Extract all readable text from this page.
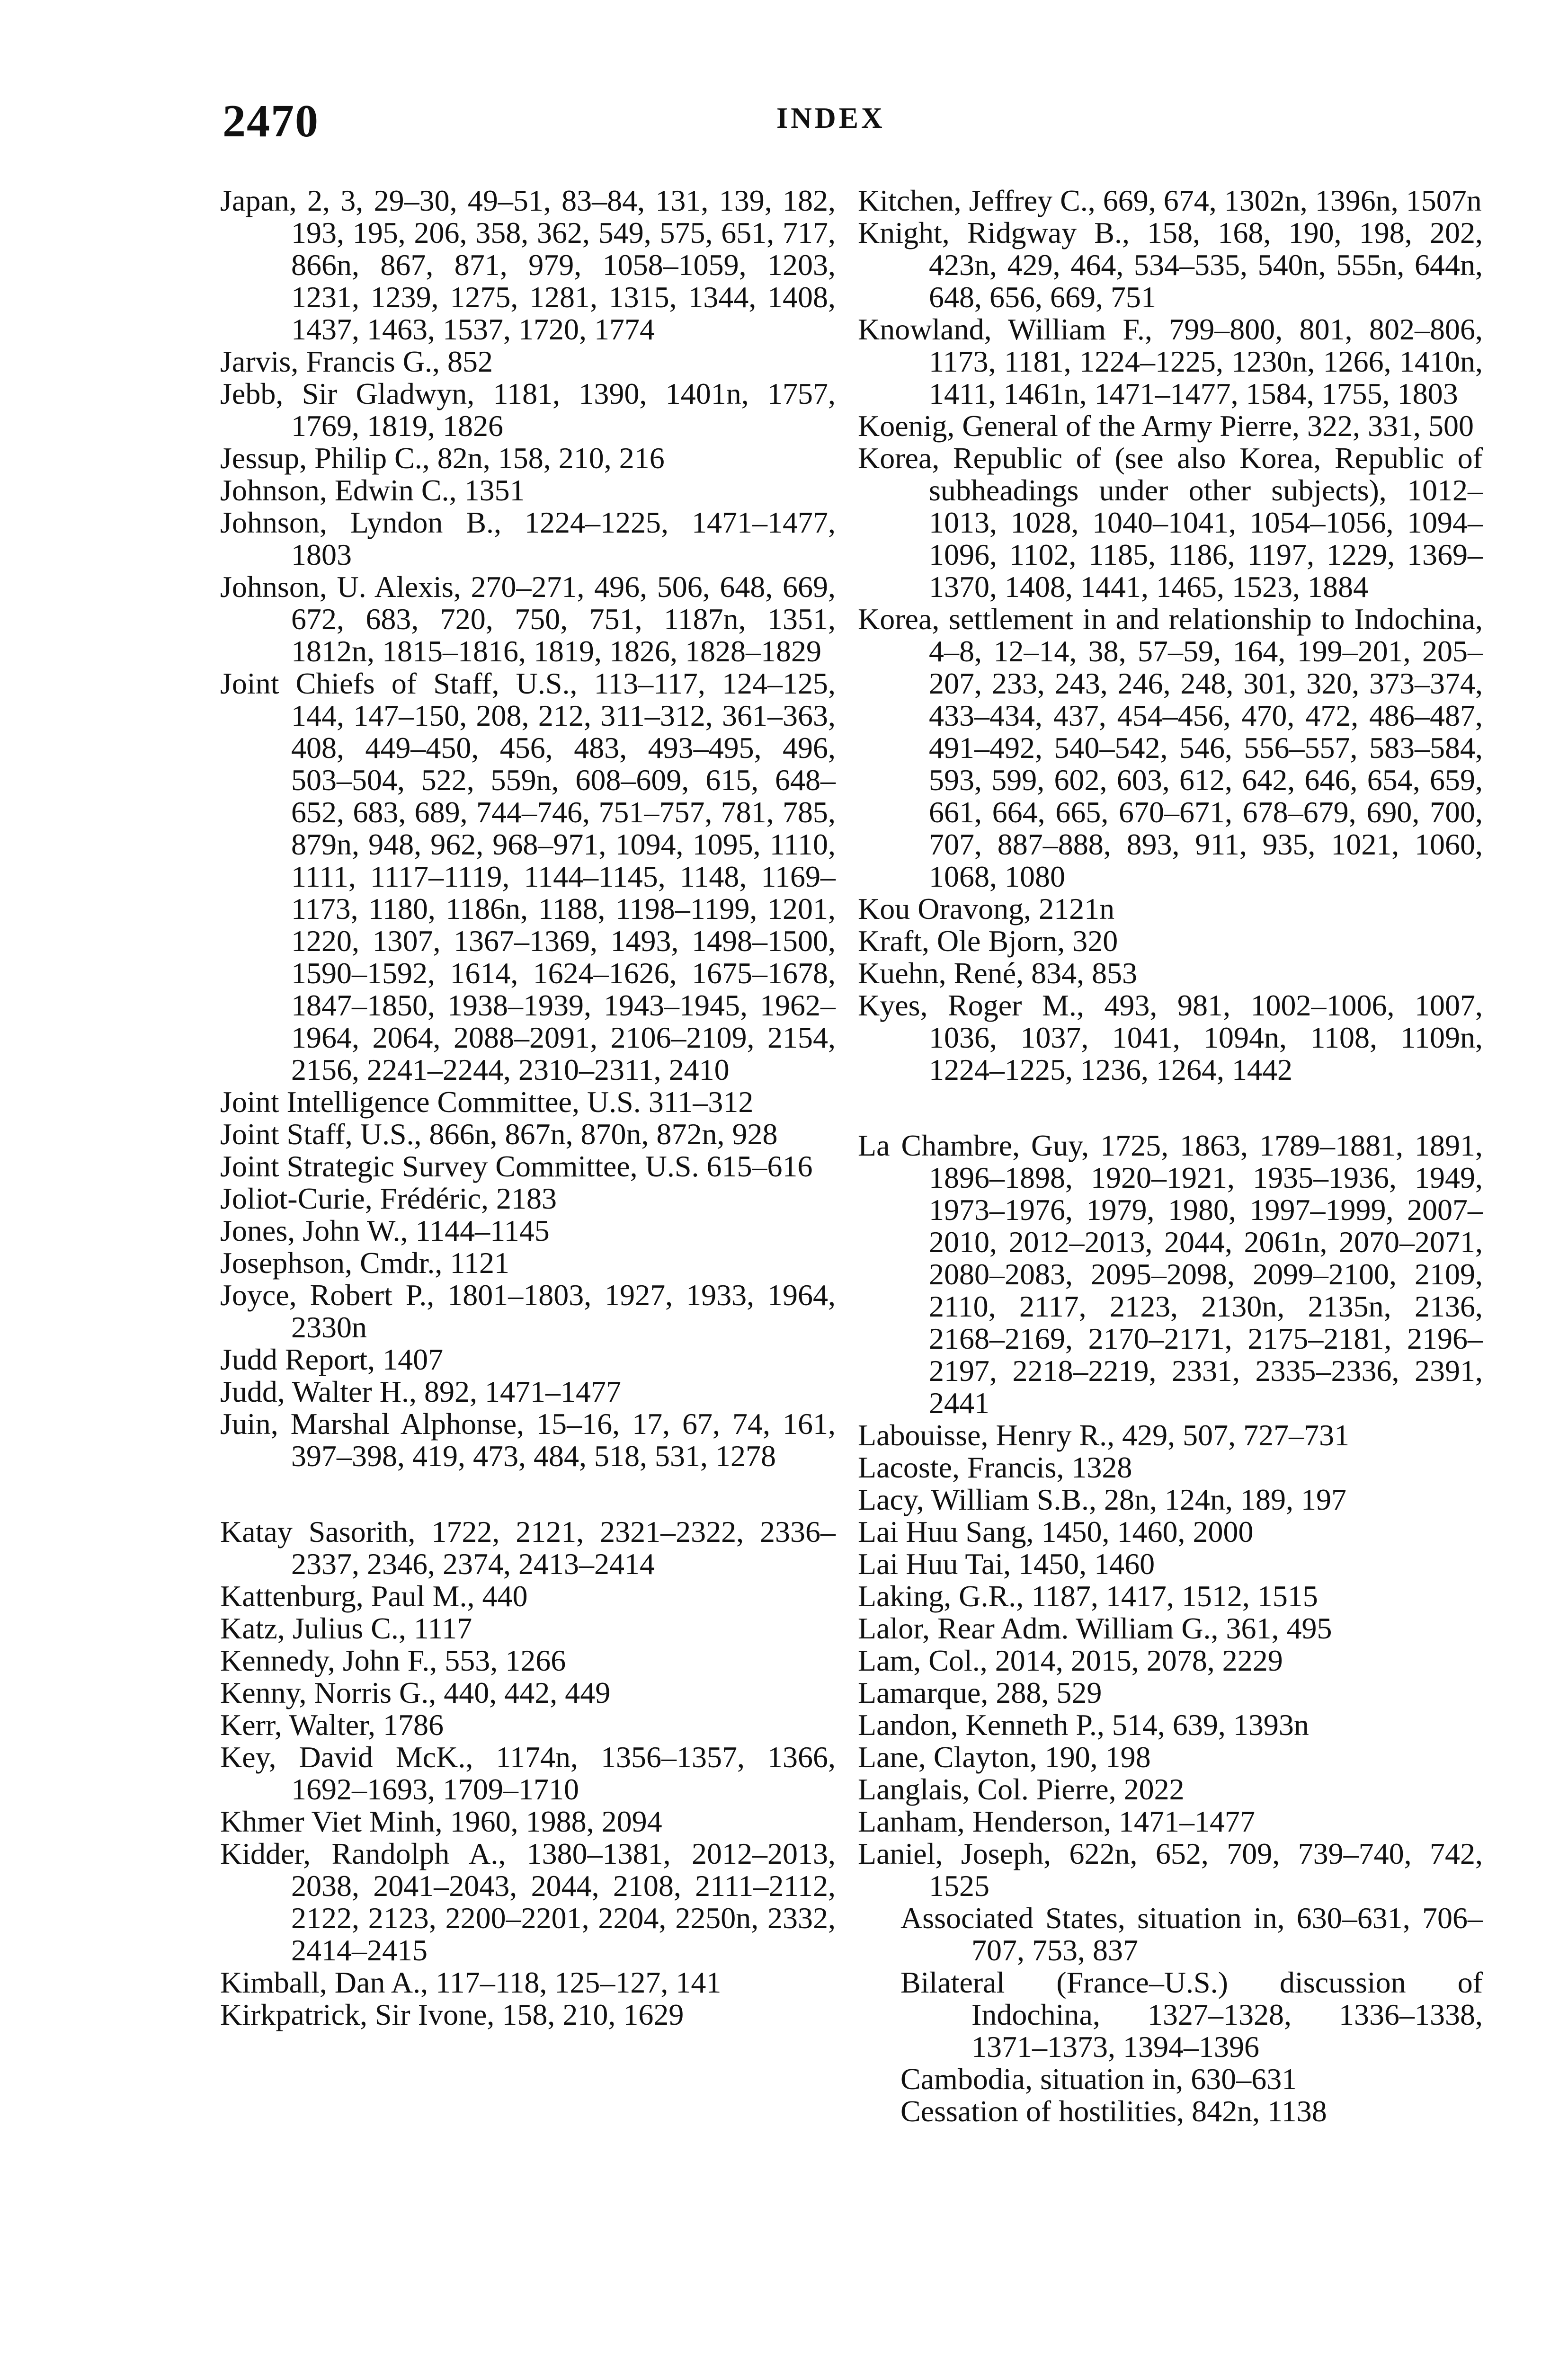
2470	INDEX

Japan, 2, 3, 29–30, 49–51, 83–84, 131, 139, 182, 193, 195, 206, 358, 362, 549, 575, 651, 717, 866n, 867, 871, 979, 1058–1059, 1203, 1231, 1239, 1275, 1281, 1315, 1344, 1408, 1437, 1463, 1537, 1720, 1774

Jarvis, Francis G., 852

Jebb, Sir Gladwyn, 1181, 1390, 1401n, 1757, 1769, 1819, 1826

Jessup, Philip C., 82n, 158, 210, 216

Johnson, Edwin C., 1351

Johnson, Lyndon B., 1224–1225, 1471–1477, 1803

Johnson, U. Alexis, 270–271, 496, 506, 648, 669, 672, 683, 720, 750, 751, 1187n, 1351, 1812n, 1815–1816, 1819, 1826, 1828–1829

Joint Chiefs of Staff, U.S., 113–117, 124–125, 144, 147–150, 208, 212, 311–312, 361–363, 408, 449–450, 456, 483, 493–495, 496, 503–504, 522, 559n, 608–609, 615, 648–652, 683, 689, 744–746, 751–757, 781, 785, 879n, 948, 962, 968–971, 1094, 1095, 1110, 1111, 1117–1119, 1144–1145, 1148, 1169–1173, 1180, 1186n, 1188, 1198–1199, 1201, 1220, 1307, 1367–1369, 1493, 1498–1500, 1590–1592, 1614, 1624–1626, 1675–1678, 1847–1850, 1938–1939, 1943–1945, 1962–1964, 2064, 2088–2091, 2106–2109, 2154, 2156, 2241–2244, 2310–2311, 2410

Joint Intelligence Committee, U.S. 311–312

Joint Staff, U.S., 866n, 867n, 870n, 872n, 928

Joint Strategic Survey Committee, U.S. 615–616

Joliot-Curie, Frédéric, 2183

Jones, John W., 1144–1145

Josephson, Cmdr., 1121

Joyce, Robert P., 1801–1803, 1927, 1933, 1964, 2330n

Judd Report, 1407

Judd, Walter H., 892, 1471–1477

Juin, Marshal Alphonse, 15–16, 17, 67, 74, 161, 397–398, 419, 473, 484, 518, 531, 1278

Katay Sasorith, 1722, 2121, 2321–2322, 2336–2337, 2346, 2374, 2413–2414

Kattenburg, Paul M., 440

Katz, Julius C., 1117

Kennedy, John F., 553, 1266

Kenny, Norris G., 440, 442, 449

Kerr, Walter, 1786

Key, David McK., 1174n, 1356–1357, 1366, 1692–1693, 1709–1710

Khmer Viet Minh, 1960, 1988, 2094

Kidder, Randolph A., 1380–1381, 2012–2013, 2038, 2041–2043, 2044, 2108, 2111–2112, 2122, 2123, 2200–2201, 2204, 2250n, 2332, 2414–2415

Kimball, Dan A., 117–118, 125–127, 141

Kirkpatrick, Sir Ivone, 158, 210, 1629

Kitchen, Jeffrey C., 669, 674, 1302n, 1396n, 1507n

Knight, Ridgway B., 158, 168, 190, 198, 202, 423n, 429, 464, 534–535, 540n, 555n, 644n, 648, 656, 669, 751

Knowland, William F., 799–800, 801, 802–806, 1173, 1181, 1224–1225, 1230n, 1266, 1410n, 1411, 1461n, 1471–1477, 1584, 1755, 1803

Koenig, General of the Army Pierre, 322, 331, 500

Korea, Republic of (see also Korea, Republic of subheadings under other subjects), 1012–1013, 1028, 1040–1041, 1054–1056, 1094–1096, 1102, 1185, 1186, 1197, 1229, 1369–1370, 1408, 1441, 1465, 1523, 1884

Korea, settlement in and relationship to Indochina, 4–8, 12–14, 38, 57–59, 164, 199–201, 205–207, 233, 243, 246, 248, 301, 320, 373–374, 433–434, 437, 454–456, 470, 472, 486–487, 491–492, 540–542, 546, 556–557, 583–584, 593, 599, 602, 603, 612, 642, 646, 654, 659, 661, 664, 665, 670–671, 678–679, 690, 700, 707, 887–888, 893, 911, 935, 1021, 1060, 1068, 1080

Kou Oravong, 2121n

Kraft, Ole Bjorn, 320

Kuehn, René, 834, 853

Kyes, Roger M., 493, 981, 1002–1006, 1007, 1036, 1037, 1041, 1094n, 1108, 1109n, 1224–1225, 1236, 1264, 1442

La Chambre, Guy, 1725, 1863, 1789–1881, 1891, 1896–1898, 1920–1921, 1935–1936, 1949, 1973–1976, 1979, 1980, 1997–1999, 2007–2010, 2012–2013, 2044, 2061n, 2070–2071, 2080–2083, 2095–2098, 2099–2100, 2109, 2110, 2117, 2123, 2130n, 2135n, 2136, 2168–2169, 2170–2171, 2175–2181, 2196–2197, 2218–2219, 2331, 2335–2336, 2391, 2441

Labouisse, Henry R., 429, 507, 727–731

Lacoste, Francis, 1328

Lacy, William S.B., 28n, 124n, 189, 197

Lai Huu Sang, 1450, 1460, 2000

Lai Huu Tai, 1450, 1460

Laking, G.R., 1187, 1417, 1512, 1515

Lalor, Rear Adm. William G., 361, 495

Lam, Col., 2014, 2015, 2078, 2229

Lamarque, 288, 529

Landon, Kenneth P., 514, 639, 1393n

Lane, Clayton, 190, 198

Langlais, Col. Pierre, 2022

Lanham, Henderson, 1471–1477

Laniel, Joseph, 622n, 652, 709, 739–740, 742, 1525

Associated States, situation in, 630–631, 706–707, 753, 837

Bilateral (France–U.S.) discussion of Indochina, 1327–1328, 1336–1338, 1371–1373, 1394–1396

Cambodia, situation in, 630–631

Cessation of hostilities, 842n, 1138
